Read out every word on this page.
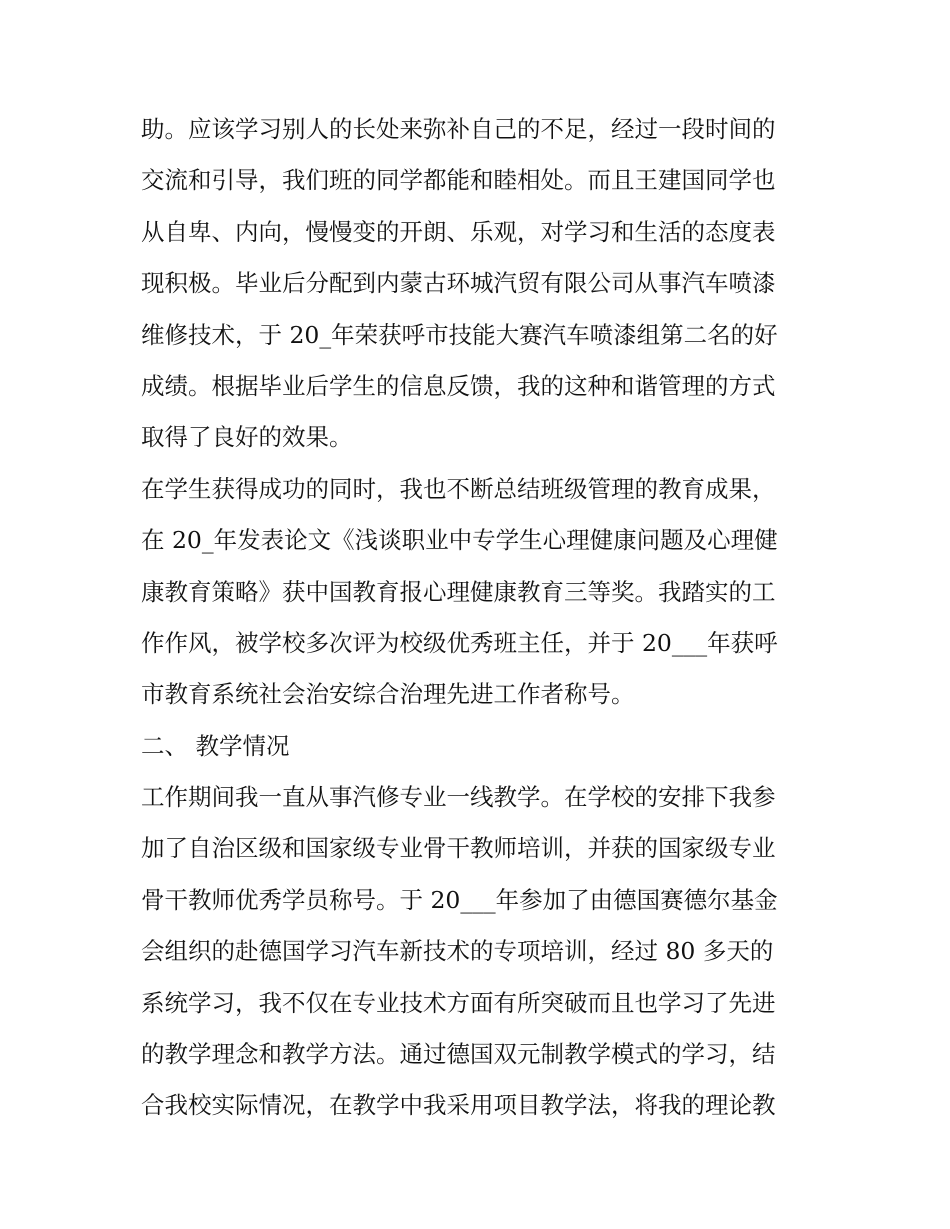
助。应该学习别人的长处来弥补自己的不足，经过一段时间的
交流和引导，我们班的同学都能和睦相处。而且王建国同学也
从自卑、内向，慢慢变的开朗、乐观，对学习和生活的态度表
现积极。毕业后分配到内蒙古环城汽贸有限公司从事汽车喷漆
维修技术，于 20_年荣获呼市技能大赛汽车喷漆组第二名的好
成绩。根据毕业后学生的信息反馈，我的这种和谐管理的方式
取得了良好的效果。
在学生获得成功的同时，我也不断总结班级管理的教育成果，
在 20_年发表论文《浅谈职业中专学生心理健康问题及心理健
康教育策略》获中国教育报心理健康教育三等奖。我踏实的工
作作风，被学校多次评为校级优秀班主任，并于 20___年获呼
市教育系统社会治安综合治理先进工作者称号。
二、 教学情况
工作期间我一直从事汽修专业一线教学。在学校的安排下我参
加了自治区级和国家级专业骨干教师培训，并获的国家级专业
骨干教师优秀学员称号。于 20___年参加了由德国赛德尔基金
会组织的赴德国学习汽车新技术的专项培训，经过 80 多天的
系统学习，我不仅在专业技术方面有所突破而且也学习了先进
的教学理念和教学方法。通过德国双元制教学模式的学习，结
合我校实际情况，在教学中我采用项目教学法，将我的理论教
